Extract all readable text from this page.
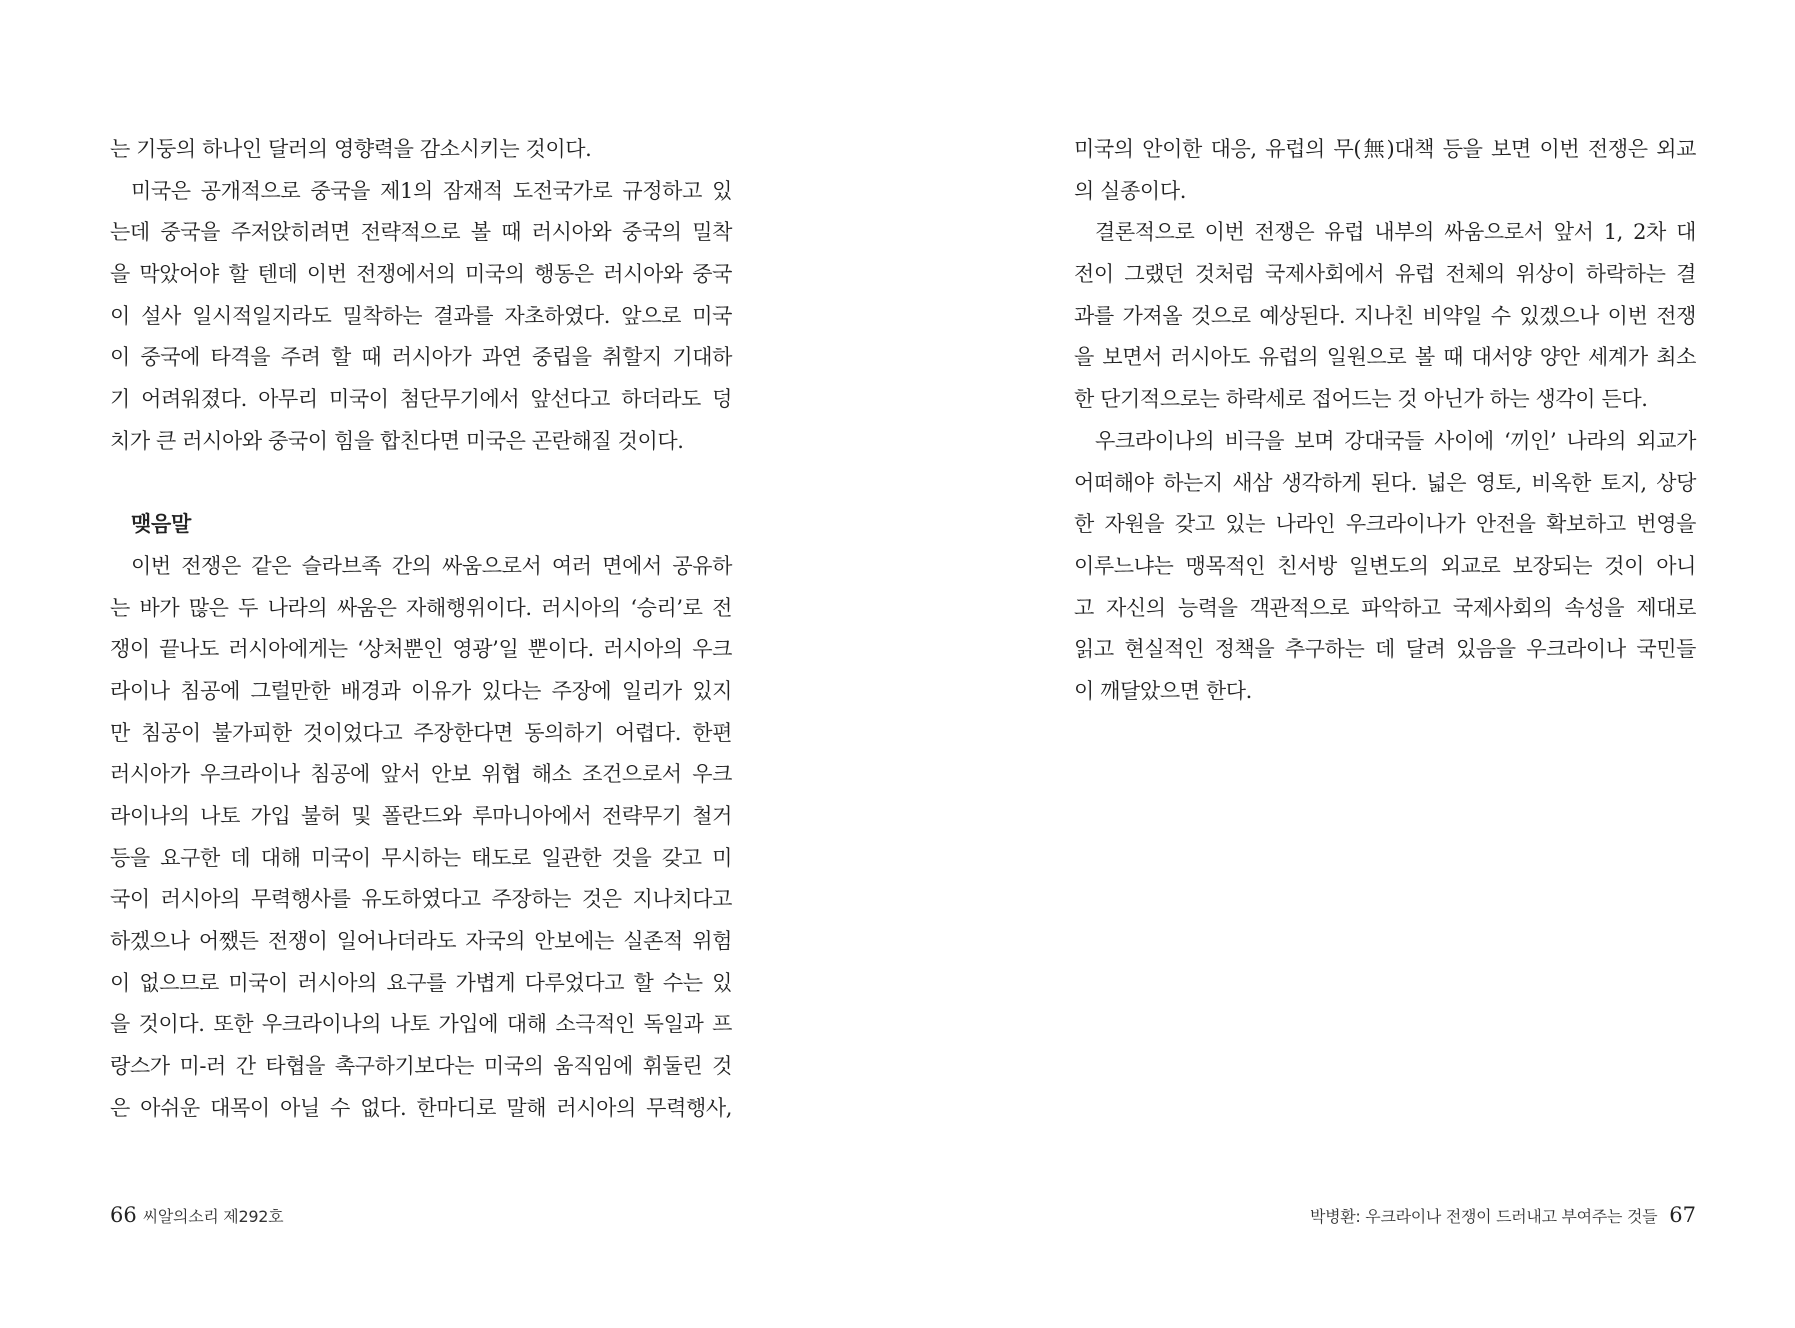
는 기둥의 하나인 달러의 영향력을 감소시키는 것이다.
미국은 공개적으로 중국을 제1의 잠재적 도전국가로 규정하고 있
는데 중국을 주저앉히려면 전략적으로 볼 때 러시아와 중국의 밀착
을 막았어야 할 텐데 이번 전쟁에서의 미국의 행동은 러시아와 중국
이 설사 일시적일지라도 밀착하는 결과를 자초하였다. 앞으로 미국
이 중국에 타격을 주려 할 때 러시아가 과연 중립을 취할지 기대하
기 어려워졌다. 아무리 미국이 첨단무기에서 앞선다고 하더라도 덩
치가 큰 러시아와 중국이 힘을 합친다면 미국은 곤란해질 것이다.
맺음말
이번 전쟁은 같은 슬라브족 간의 싸움으로서 여러 면에서 공유하
는 바가 많은 두 나라의 싸움은 자해행위이다. 러시아의 ‘승리’로 전
쟁이 끝나도 러시아에게는 ‘상처뿐인 영광’일 뿐이다. 러시아의 우크
라이나 침공에 그럴만한 배경과 이유가 있다는 주장에 일리가 있지
만 침공이 불가피한 것이었다고 주장한다면 동의하기 어렵다. 한편
러시아가 우크라이나 침공에 앞서 안보 위협 해소 조건으로서 우크
라이나의 나토 가입 불허 및 폴란드와 루마니아에서 전략무기 철거
등을 요구한 데 대해 미국이 무시하는 태도로 일관한 것을 갖고 미
국이 러시아의 무력행사를 유도하였다고 주장하는 것은 지나치다고
하겠으나 어쨌든 전쟁이 일어나더라도 자국의 안보에는 실존적 위험
이 없으므로 미국이 러시아의 요구를 가볍게 다루었다고 할 수는 있
을 것이다. 또한 우크라이나의 나토 가입에 대해 소극적인 독일과 프
랑스가 미-러 간 타협을 촉구하기보다는 미국의 움직임에 휘둘린 것
은 아쉬운 대목이 아닐 수 없다. 한마디로 말해 러시아의 무력행사,
66 씨알의소리 제292호
미국의 안이한 대응, 유럽의 무(無)대책 등을 보면 이번 전쟁은 외교
의 실종이다.
결론적으로 이번 전쟁은 유럽 내부의 싸움으로서 앞서 1, 2차 대
전이 그랬던 것처럼 국제사회에서 유럽 전체의 위상이 하락하는 결
과를 가져올 것으로 예상된다. 지나친 비약일 수 있겠으나 이번 전쟁
을 보면서 러시아도 유럽의 일원으로 볼 때 대서양 양안 세계가 최소
한 단기적으로는 하락세로 접어드는 것 아닌가 하는 생각이 든다.
우크라이나의 비극을 보며 강대국들 사이에 ‘끼인’ 나라의 외교가
어떠해야 하는지 새삼 생각하게 된다. 넓은 영토, 비옥한 토지, 상당
한 자원을 갖고 있는 나라인 우크라이나가 안전을 확보하고 번영을
이루느냐는 맹목적인 친서방 일변도의 외교로 보장되는 것이 아니
고 자신의 능력을 객관적으로 파악하고 국제사회의 속성을 제대로
읽고 현실적인 정책을 추구하는 데 달려 있음을 우크라이나 국민들
이 깨달았으면 한다.
박병환: 우크라이나 전쟁이 드러내고 부여주는 것들 67
